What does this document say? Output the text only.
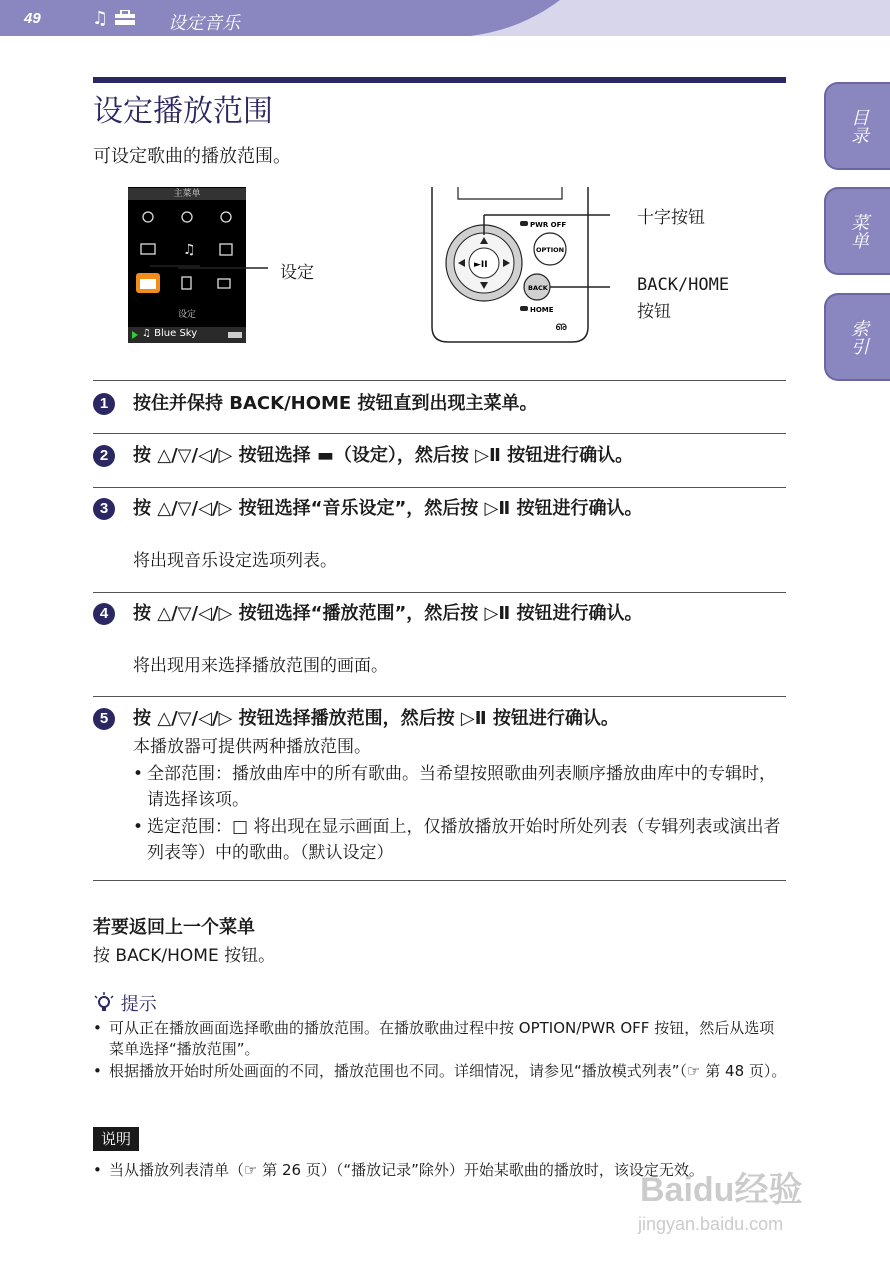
49	♫	设定音乐
目录
菜单
索引
设定播放范围
可设定歌曲的播放范围。
主菜单
♫
设定
♫ Blue Sky
设定	►II
PWR OFF
OPTION
BACK
HOME
ഌ
十字按钮
BACK/HOME
按钮
1	按住并保持 BACK/HOME 按钮直到出现主菜单。
2	按 △/▽/◁/▷ 按钮选择 ▬（设定），然后按 ▷Ⅱ 按钮进行确认。
3	按 △/▽/◁/▷ 按钮选择“音乐设定”，然后按 ▷Ⅱ 按钮进行确认。
将出现音乐设定选项列表。
4	按 △/▽/◁/▷ 按钮选择“播放范围”，然后按 ▷Ⅱ 按钮进行确认。
将出现用来选择播放范围的画面。
5	按 △/▽/◁/▷ 按钮选择播放范围，然后按 ▷Ⅱ 按钮进行确认。
本播放器可提供两种播放范围。
• 全部范围：播放曲库中的所有歌曲。当希望按照歌曲列表顺序播放曲库中的专辑时，请选择该项。
• 选定范围：□ 将出现在显示画面上，仅播放播放开始时所处列表（专辑列表或演出者列表等）中的歌曲。（默认设定）
若要返回上一个菜单
按 BACK/HOME 按钮。
提示
• 可从正在播放画面选择歌曲的播放范围。在播放歌曲过程中按 OPTION/PWR OFF 按钮，然后从选项菜单选择“播放范围”。
• 根据播放开始时所处画面的不同，播放范围也不同。详细情况，请参见“播放模式列表”（☞ 第 48 页）。
说明
• 当从播放列表清单（☞ 第 26 页）（“播放记录”除外）开始某歌曲的播放时，该设定无效。
Baidu经验
jingyan.baidu.com
